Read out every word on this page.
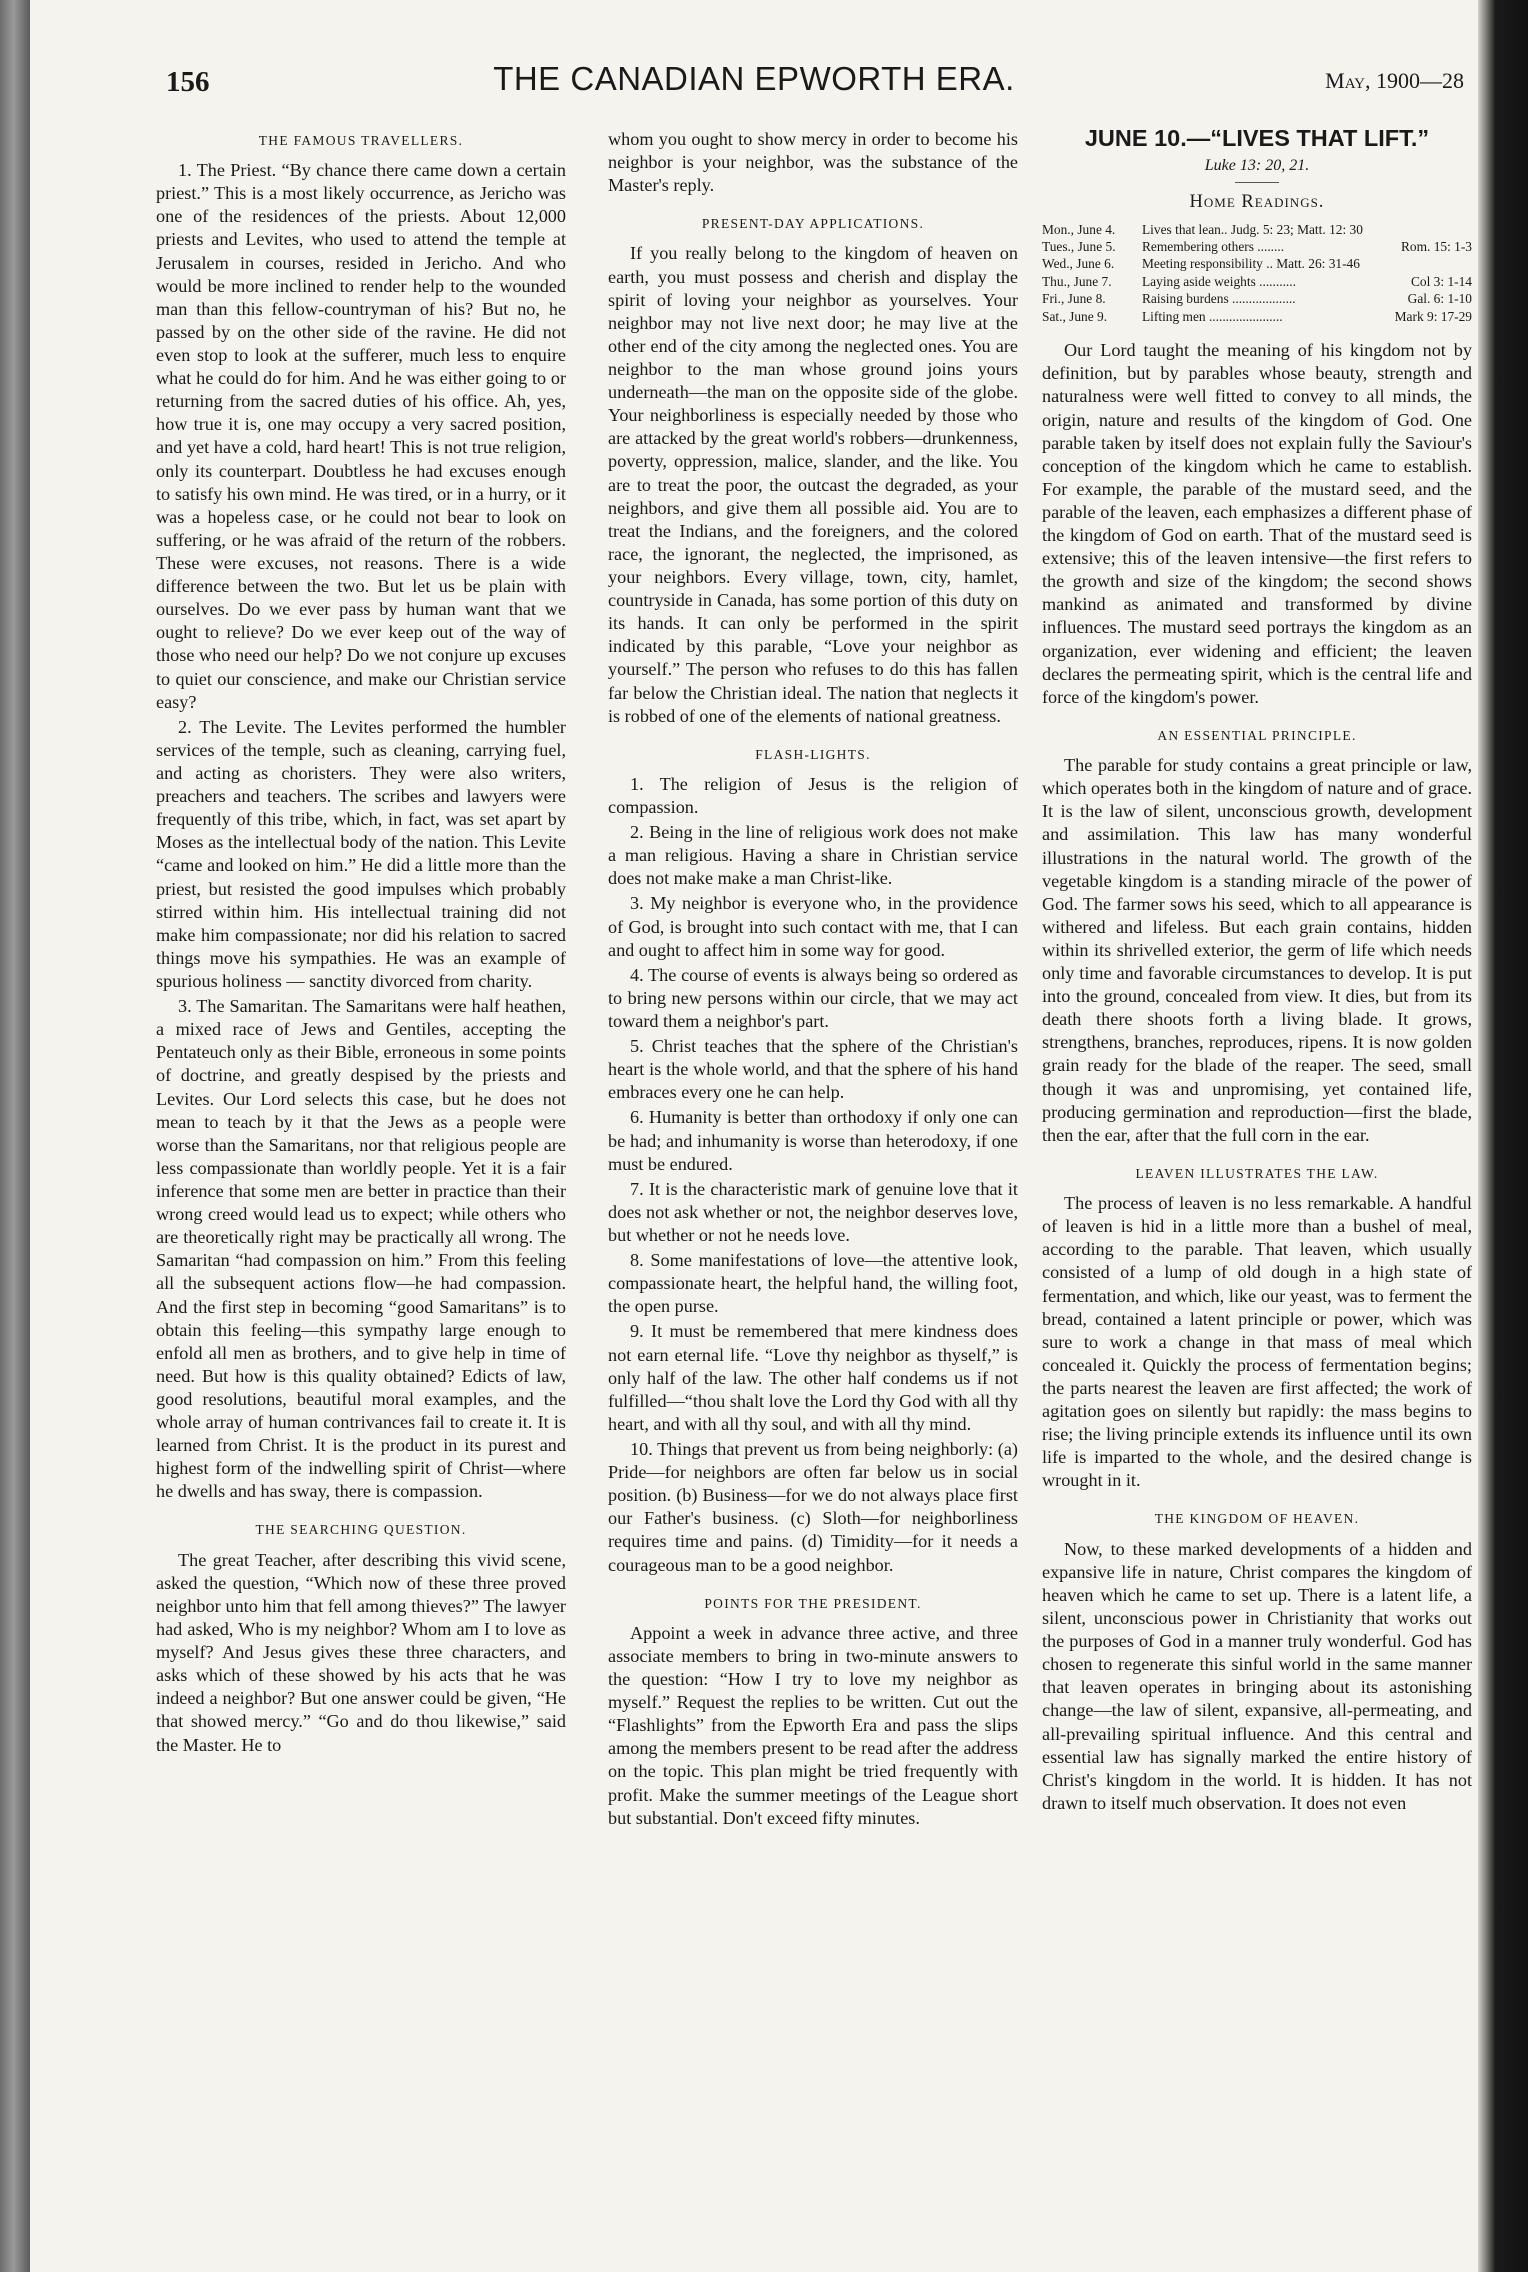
156	THE CANADIAN EPWORTH ERA.	May, 1900—28
THE FAMOUS TRAVELLERS.

1. The Priest. “By chance there came down a certain priest.” This is a most likely occurrence, as Jericho was one of the residences of the priests. About 12,000 priests and Levites, who used to attend the temple at Jerusalem in courses, resided in Jericho. And who would be more inclined to render help to the wounded man than this fellow-countryman of his? But no, he passed by on the other side of the ravine. He did not even stop to look at the sufferer, much less to enquire what he could do for him. And he was either going to or returning from the sacred duties of his office. Ah, yes, how true it is, one may occupy a very sacred position, and yet have a cold, hard heart! This is not true religion, only its counterpart. Doubtless he had excuses enough to satisfy his own mind. He was tired, or in a hurry, or it was a hopeless case, or he could not bear to look on suffering, or he was afraid of the return of the robbers. These were excuses, not reasons. There is a wide difference between the two. But let us be plain with ourselves. Do we ever pass by human want that we ought to relieve? Do we ever keep out of the way of those who need our help? Do we not conjure up excuses to quiet our conscience, and make our Christian service easy?

2. The Levite. The Levites performed the humbler services of the temple, such as cleaning, carrying fuel, and acting as choristers. They were also writers, preachers and teachers. The scribes and lawyers were frequently of this tribe, which, in fact, was set apart by Moses as the intellectual body of the nation. This Levite “came and looked on him.” He did a little more than the priest, but resisted the good impulses which probably stirred within him. His intellectual training did not make him compassionate; nor did his relation to sacred things move his sympathies. He was an example of spurious holiness — sanctity divorced from charity.

3. The Samaritan. The Samaritans were half heathen, a mixed race of Jews and Gentiles, accepting the Pentateuch only as their Bible, erroneous in some points of doctrine, and greatly despised by the priests and Levites. Our Lord selects this case, but he does not mean to teach by it that the Jews as a people were worse than the Samaritans, nor that religious people are less compassionate than worldly people. Yet it is a fair inference that some men are better in practice than their wrong creed would lead us to expect; while others who are theoretically right may be practically all wrong. The Samaritan “had compassion on him.” From this feeling all the subsequent actions flow—he had compassion. And the first step in becoming “good Samaritans” is to obtain this feeling—this sympathy large enough to enfold all men as brothers, and to give help in time of need. But how is this quality obtained? Edicts of law, good resolutions, beautiful moral examples, and the whole array of human contrivances fail to create it. It is learned from Christ. It is the product in its purest and highest form of the indwelling spirit of Christ—where he dwells and has sway, there is compassion.

THE SEARCHING QUESTION.

The great Teacher, after describing this vivid scene, asked the question, “Which now of these three proved neighbor unto him that fell among thieves?” The lawyer had asked, Who is my neighbor? Whom am I to love as myself? And Jesus gives these three characters, and asks which of these showed by his acts that he was indeed a neighbor? But one answer could be given, “He that showed mercy.” “Go and do thou likewise,” said the Master. He to

whom you ought to show mercy in order to become his neighbor is your neighbor, was the substance of the Master's reply.

PRESENT-DAY APPLICATIONS.

If you really belong to the kingdom of heaven on earth, you must possess and cherish and display the spirit of loving your neighbor as yourselves. Your neighbor may not live next door; he may live at the other end of the city among the neglected ones. You are neighbor to the man whose ground joins yours underneath—the man on the opposite side of the globe. Your neighborliness is especially needed by those who are attacked by the great world's robbers—drunkenness, poverty, oppression, malice, slander, and the like. You are to treat the poor, the outcast the degraded, as your neighbors, and give them all possible aid. You are to treat the Indians, and the foreigners, and the colored race, the ignorant, the neglected, the imprisoned, as your neighbors. Every village, town, city, hamlet, countryside in Canada, has some portion of this duty on its hands. It can only be performed in the spirit indicated by this parable, “Love your neighbor as yourself.” The person who refuses to do this has fallen far below the Christian ideal. The nation that neglects it is robbed of one of the elements of national greatness.

FLASH-LIGHTS.

1. The religion of Jesus is the religion of compassion.

2. Being in the line of religious work does not make a man religious. Having a share in Christian service does not make make a man Christ-like.

3. My neighbor is everyone who, in the providence of God, is brought into such contact with me, that I can and ought to affect him in some way for good.

4. The course of events is always being so ordered as to bring new persons within our circle, that we may act toward them a neighbor's part.

5. Christ teaches that the sphere of the Christian's heart is the whole world, and that the sphere of his hand embraces every one he can help.

6. Humanity is better than orthodoxy if only one can be had; and inhumanity is worse than heterodoxy, if one must be endured.

7. It is the characteristic mark of genuine love that it does not ask whether or not, the neighbor deserves love, but whether or not he needs love.

8. Some manifestations of love—the attentive look, compassionate heart, the helpful hand, the willing foot, the open purse.

9. It must be remembered that mere kindness does not earn eternal life. “Love thy neighbor as thyself,” is only half of the law. The other half condems us if not fulfilled—“thou shalt love the Lord thy God with all thy heart, and with all thy soul, and with all thy mind.

10. Things that prevent us from being neighborly: (a) Pride—for neighbors are often far below us in social position. (b) Business—for we do not always place first our Father's business. (c) Sloth—for neighborliness requires time and pains. (d) Timidity—for it needs a courageous man to be a good neighbor.

POINTS FOR THE PRESIDENT.

Appoint a week in advance three active, and three associate members to bring in two-minute answers to the question: “How I try to love my neighbor as myself.” Request the replies to be written. Cut out the “Flashlights” from the Epworth Era and pass the slips among the members present to be read after the address on the topic. This plan might be tried frequently with profit. Make the summer meetings of the League short but substantial. Don't exceed fifty minutes.

JUNE 10.—“LIVES THAT LIFT.”
Luke 13: 20, 21.
Home Readings.
Mon., June 4.	Lives that lean.. Judg. 5: 23; Matt. 12: 30
Tues., June 5.	Remembering others ........	Rom. 15: 1-3
Wed., June 6.	Meeting responsibility .. Matt. 26: 31-46
Thu., June 7.	Laying aside weights ...........	Col 3: 1-14
Fri., June 8.	Raising burdens ...................	Gal. 6: 1-10
Sat., June 9.	Lifting men ......................	Mark 9: 17-29

Our Lord taught the meaning of his kingdom not by definition, but by parables whose beauty, strength and naturalness were well fitted to convey to all minds, the origin, nature and results of the kingdom of God. One parable taken by itself does not explain fully the Saviour's conception of the kingdom which he came to establish. For example, the parable of the mustard seed, and the parable of the leaven, each emphasizes a different phase of the kingdom of God on earth. That of the mustard seed is extensive; this of the leaven intensive—the first refers to the growth and size of the kingdom; the second shows mankind as animated and transformed by divine influences. The mustard seed portrays the kingdom as an organization, ever widening and efficient; the leaven declares the permeating spirit, which is the central life and force of the kingdom's power.

AN ESSENTIAL PRINCIPLE.

The parable for study contains a great principle or law, which operates both in the kingdom of nature and of grace. It is the law of silent, unconscious growth, development and assimilation. This law has many wonderful illustrations in the natural world. The growth of the vegetable kingdom is a standing miracle of the power of God. The farmer sows his seed, which to all appearance is withered and lifeless. But each grain contains, hidden within its shrivelled exterior, the germ of life which needs only time and favorable circumstances to develop. It is put into the ground, concealed from view. It dies, but from its death there shoots forth a living blade. It grows, strengthens, branches, reproduces, ripens. It is now golden grain ready for the blade of the reaper. The seed, small though it was and unpromising, yet contained life, producing germination and reproduction—first the blade, then the ear, after that the full corn in the ear.

LEAVEN ILLUSTRATES THE LAW.

The process of leaven is no less remarkable. A handful of leaven is hid in a little more than a bushel of meal, according to the parable. That leaven, which usually consisted of a lump of old dough in a high state of fermentation, and which, like our yeast, was to ferment the bread, contained a latent principle or power, which was sure to work a change in that mass of meal which concealed it. Quickly the process of fermentation begins; the parts nearest the leaven are first affected; the work of agitation goes on silently but rapidly: the mass begins to rise; the living principle extends its influence until its own life is imparted to the whole, and the desired change is wrought in it.

THE KINGDOM OF HEAVEN.

Now, to these marked developments of a hidden and expansive life in nature, Christ compares the kingdom of heaven which he came to set up. There is a latent life, a silent, unconscious power in Christianity that works out the purposes of God in a manner truly wonderful. God has chosen to regenerate this sinful world in the same manner that leaven operates in bringing about its astonishing change—the law of silent, expansive, all-permeating, and all-prevailing spiritual influence. And this central and essential law has signally marked the entire history of Christ's kingdom in the world. It is hidden. It has not drawn to itself much observation. It does not even
